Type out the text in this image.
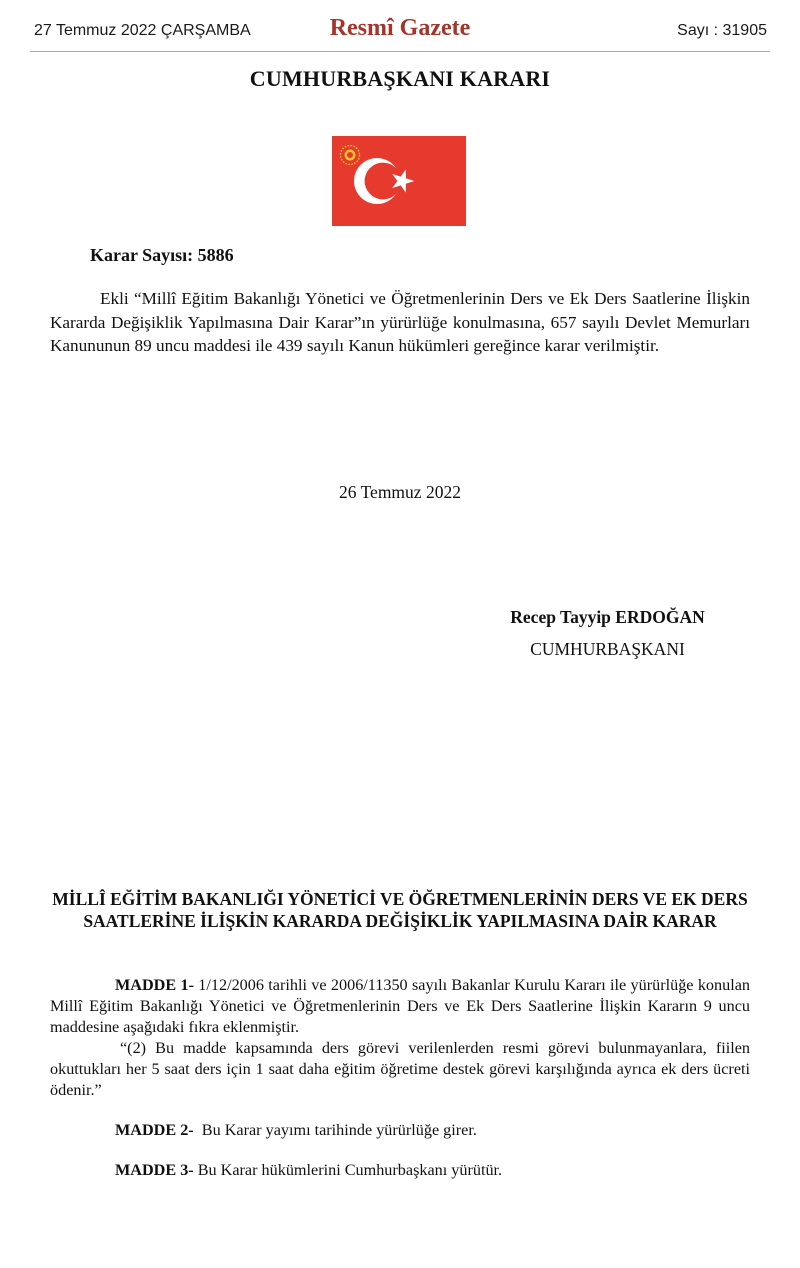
27 Temmuz 2022 ÇARŞAMBA	Resmî Gazete	Sayı : 31905
CUMHURBAŞKANI KARARI
Karar Sayısı: 5886

Ekli “Millî Eğitim Bakanlığı Yönetici ve Öğretmenlerinin Ders ve Ek Ders Saatlerine İlişkin Kararda Değişiklik Yapılmasına Dair Karar”ın yürürlüğe konulmasına, 657 sayılı Devlet Memurları Kanununun 89 uncu maddesi ile 439 sayılı Kanun hükümleri gereğince karar verilmiştir.

26 Temmuz 2022
Recep Tayyip ERDOĞAN
CUMHURBAŞKANI
MİLLÎ EĞİTİM BAKANLIĞI YÖNETİCİ VE ÖĞRETMENLERİNİN DERS VE EK DERS SAATLERİNE İLİŞKİN KARARDA DEĞİŞİKLİK YAPILMASINA DAİR KARAR

MADDE 1- 1/12/2006 tarihli ve 2006/11350 sayılı Bakanlar Kurulu Kararı ile yürürlüğe konulan Millî Eğitim Bakanlığı Yönetici ve Öğretmenlerinin Ders ve Ek Ders Saatlerine İlişkin Kararın 9 uncu maddesine aşağıdaki fıkra eklenmiştir.

“(2) Bu madde kapsamında ders görevi verilenlerden resmi görevi bulunmayanlara, fiilen okuttukları her 5 saat ders için 1 saat daha eğitim öğretime destek görevi karşılığında ayrıca ek ders ücreti ödenir.”

MADDE 2-  Bu Karar yayımı tarihinde yürürlüğe girer.

MADDE 3- Bu Karar hükümlerini Cumhurbaşkanı yürütür.
